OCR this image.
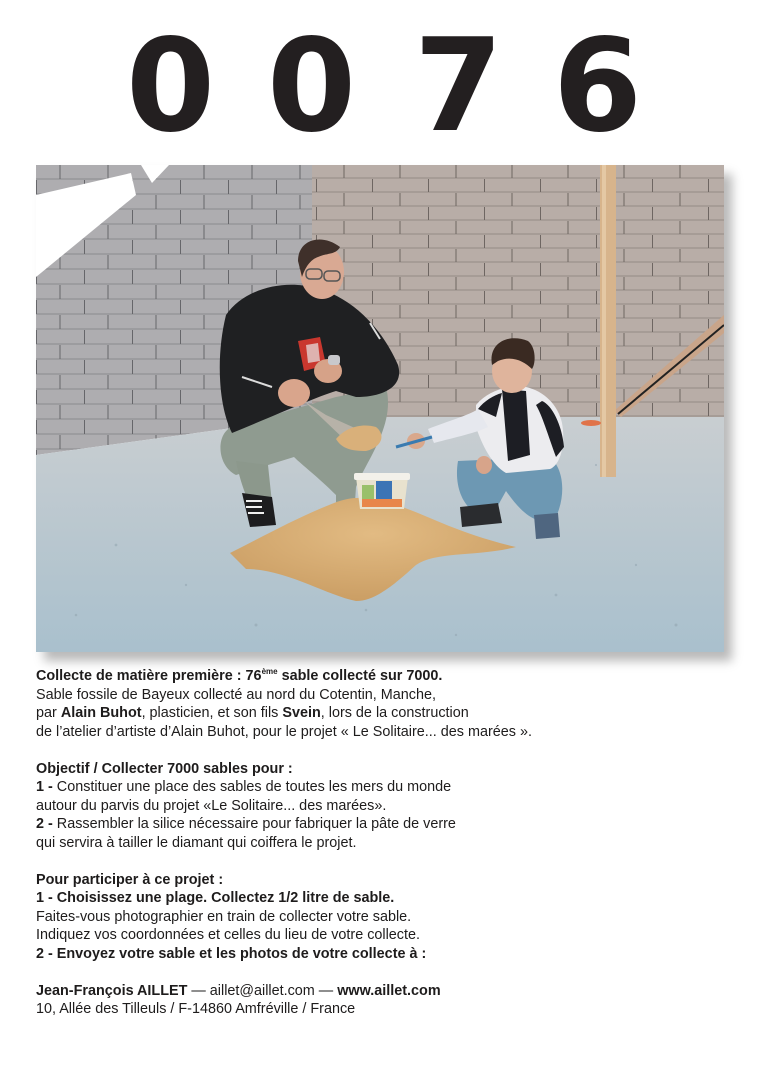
0 0 7 6

Collecte de matière première : 76ème sable collecté sur 7000.

Sable fossile de Bayeux collecté au nord du Cotentin, Manche,

par Alain Buhot, plasticien, et son fils Svein, lors de la construction

de l’atelier d’artiste d’Alain Buhot, pour le projet « Le Solitaire... des marées ».

Objectif / Collecter 7000 sables pour :

1 - Constituer une place des sables de toutes les mers du monde

autour du parvis du projet «Le Solitaire... des marées».

2 - Rassembler la silice nécessaire pour fabriquer la pâte de verre

qui servira à tailler le diamant qui coiffera le projet.

Pour participer à ce projet :

1 - Choisissez une plage. Collectez 1/2 litre de sable.

Faites-vous photographier en train de collecter votre sable.

Indiquez vos coordonnées et celles du lieu de votre collecte.

2 - Envoyez votre sable et les photos de votre collecte à :

Jean-François AILLET — aillet@aillet.com — www.aillet.com

10, Allée des Tilleuls / F-14860 Amfréville / France
